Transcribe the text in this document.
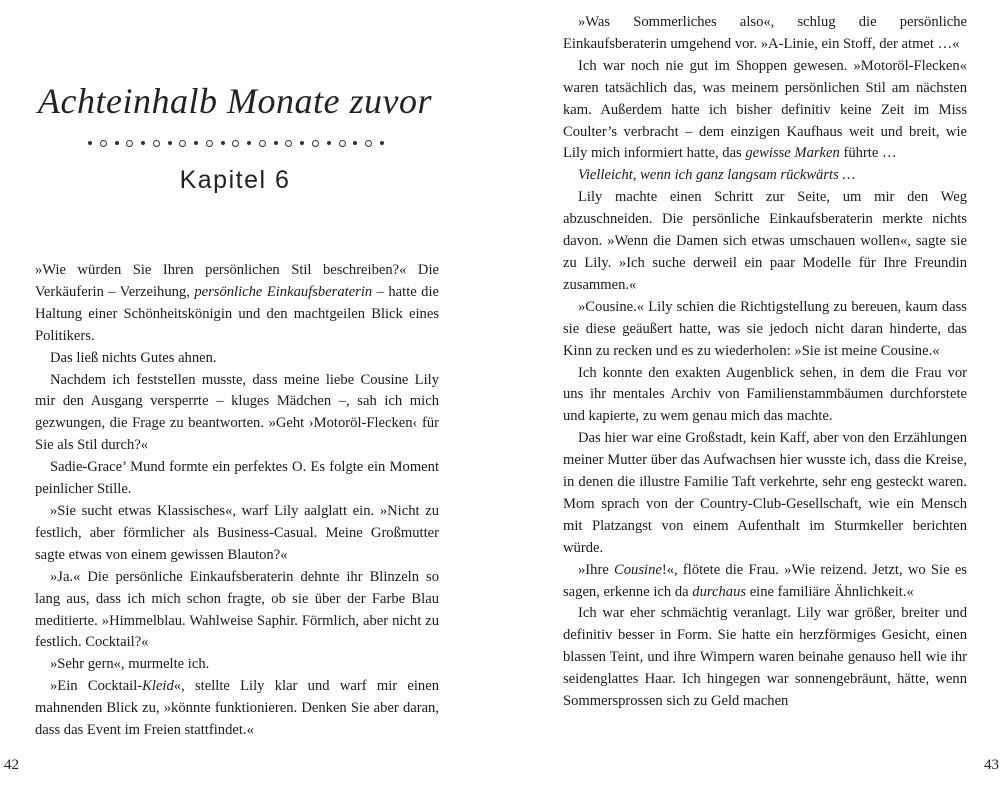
Achteinhalb Monate zuvor
Kapitel 6

»Wie würden Sie Ihren persönlichen Stil beschreiben?« Die Verkäuferin – Verzeihung, persönliche Einkaufsberaterin – hatte die Haltung einer Schönheitskönigin und den machtgeilen Blick eines Politikers.

Das ließ nichts Gutes ahnen.

Nachdem ich feststellen musste, dass meine liebe Cousine Lily mir den Ausgang versperrte – kluges Mädchen –, sah ich mich gezwungen, die Frage zu beantworten. »Geht ›Motoröl-Flecken‹ für Sie als Stil durch?«

Sadie-Grace’ Mund formte ein perfektes O. Es folgte ein Moment peinlicher Stille.

»Sie sucht etwas Klassisches«, warf Lily aalglatt ein. »Nicht zu festlich, aber förmlicher als Business-Casual. Meine Großmutter sagte etwas von einem gewissen Blauton?«

»Ja.« Die persönliche Einkaufsberaterin dehnte ihr Blinzeln so lang aus, dass ich mich schon fragte, ob sie über der Farbe Blau meditierte. »Himmelblau. Wahlweise Saphir. Förmlich, aber nicht zu festlich. Cocktail?«

»Sehr gern«, murmelte ich.

»Ein Cocktail-Kleid«, stellte Lily klar und warf mir einen mahnenden Blick zu, »könnte funktionieren. Denken Sie aber daran, dass das Event im Freien stattfindet.«

42

»Was Sommerliches also«, schlug die persönliche Einkaufsberaterin umgehend vor. »A-Linie, ein Stoff, der atmet …«

Ich war noch nie gut im Shoppen gewesen. »Motoröl-Flecken« waren tatsächlich das, was meinem persönlichen Stil am nächsten kam. Außerdem hatte ich bisher definitiv keine Zeit im Miss Coulter’s verbracht – dem einzigen Kaufhaus weit und breit, wie Lily mich informiert hatte, das gewisse Marken führte …

Vielleicht, wenn ich ganz langsam rückwärts …

Lily machte einen Schritt zur Seite, um mir den Weg abzuschneiden. Die persönliche Einkaufsberaterin merkte nichts davon. »Wenn die Damen sich etwas umschauen wollen«, sagte sie zu Lily. »Ich suche derweil ein paar Modelle für Ihre Freundin zusammen.«

»Cousine.« Lily schien die Richtigstellung zu bereuen, kaum dass sie diese geäußert hatte, was sie jedoch nicht daran hinderte, das Kinn zu recken und es zu wiederholen: »Sie ist meine Cousine.«

Ich konnte den exakten Augenblick sehen, in dem die Frau vor uns ihr mentales Archiv von Familienstammbäumen durchforstete und kapierte, zu wem genau mich das machte.

Das hier war eine Großstadt, kein Kaff, aber von den Erzählungen meiner Mutter über das Aufwachsen hier wusste ich, dass die Kreise, in denen die illustre Familie Taft verkehrte, sehr eng gesteckt waren. Mom sprach von der Country-Club-Gesellschaft, wie ein Mensch mit Platzangst von einem Aufenthalt im Sturmkeller berichten würde.

»Ihre Cousine!«, flötete die Frau. »Wie reizend. Jetzt, wo Sie es sagen, erkenne ich da durchaus eine familiäre Ähnlichkeit.«

Ich war eher schmächtig veranlagt. Lily war größer, breiter und definitiv besser in Form. Sie hatte ein herzförmiges Gesicht, einen blassen Teint, und ihre Wimpern waren beinahe genauso hell wie ihr seidenglattes Haar. Ich hingegen war sonnengebräunt, hätte, wenn Sommersprossen sich zu Geld machen

43
